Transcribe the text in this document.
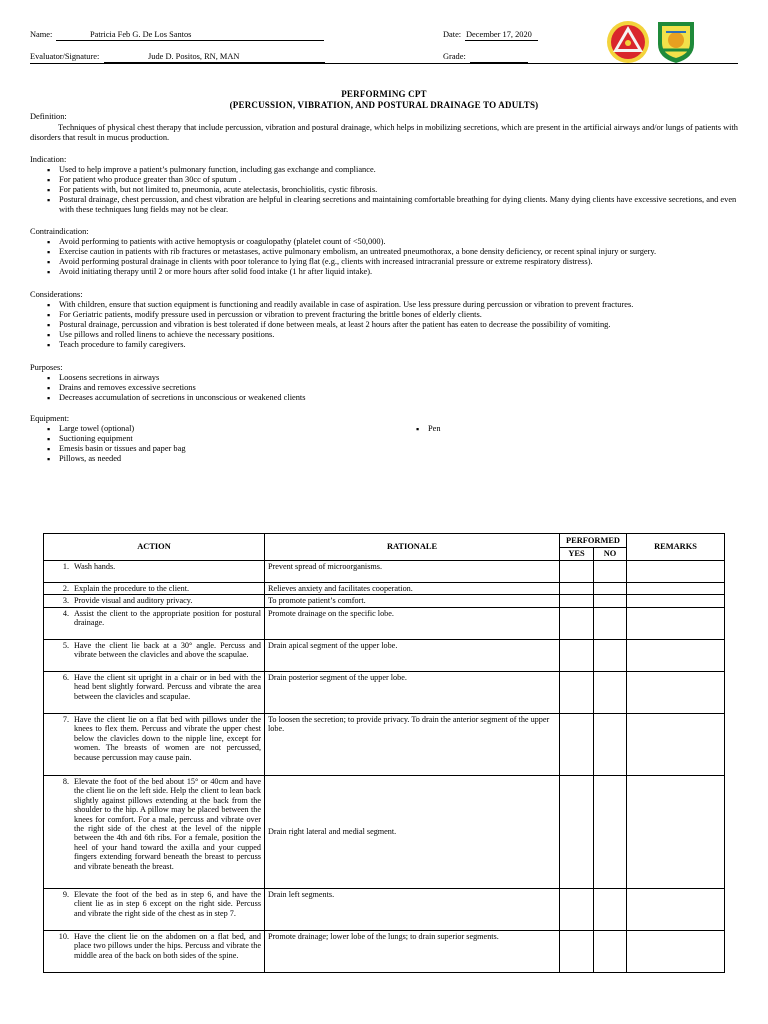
Name:	Patricia Feb G. De Los Santos	Date: December 17, 2020
Evaluator/Signature:	Jude D. Positos, RN, MAN	Grade:
PERFORMING CPT
(PERCUSSION, VIBRATION, AND POSTURAL DRAINAGE TO ADULTS)
Definition:
Techniques of physical chest therapy that include percussion, vibration and postural drainage, which helps in mobilizing secretions, which are present in the artificial airways and/or lungs of patients with disorders that result in mucus production.
Indication:
▪ Used to help improve a patient’s pulmonary function, including gas exchange and compliance.
▪ For patient who produce greater than 30cc of sputum .
▪ For patients with, but not limited to, pneumonia, acute atelectasis, bronchiolitis, cystic fibrosis.
▪ Postural drainage, chest percussion, and chest vibration are helpful in clearing secretions and maintaining comfortable breathing for dying clients. Many dying clients have excessive secretions, and even with these techniques lung fields may not be clear.
Contraindication:
▪ Avoid performing to patients with active hemoptysis or coagulopathy (platelet count of <50,000).
▪ Exercise caution in patients with rib fractures or metastases, active pulmonary embolism, an untreated pneumothorax, a bone density deficiency, or recent spinal injury or surgery.
▪ Avoid performing postural drainage in clients with poor tolerance to lying flat (e.g., clients with increased intracranial pressure or extreme respiratory distress).
▪ Avoid initiating therapy until 2 or more hours after solid food intake (1 hr after liquid intake).
Considerations:
▪ With children, ensure that suction equipment is functioning and readily available in case of aspiration. Use less pressure during percussion or vibration to prevent fractures.
▪ For Geriatric patients, modify pressure used in percussion or vibration to prevent fracturing the brittle bones of elderly clients.
▪ Postural drainage, percussion and vibration is best tolerated if done between meals, at least 2 hours after the patient has eaten to decrease the possibility of vomiting.
▪ Use pillows and rolled linens to achieve the necessary positions.
▪ Teach procedure to family caregivers.
Purposes:
▪ Loosens secretions in airways
▪ Drains and removes excessive secretions
▪ Decreases accumulation of secretions in unconscious or weakened clients
Equipment:
▪ Large towel (optional)
▪ Suctioning equipment
▪ Emesis basin or tissues and paper bag
▪ Pillows, as needed
▪ Pen
ACTION	RATIONALE	PERFORMED		REMARKS
		YES	NO	

1. Wash hands.	Prevent spread of microorganisms.			

2. Explain the procedure to the client.	Relieves anxiety and facilitates cooperation.			

3. Provide visual and auditory privacy.	To promote patient’s comfort.			

4. Assist the client to the appropriate position for postural drainage.	Promote drainage on the specific lobe.			

5. Have the client lie back at a 30° angle. Percuss and vibrate between the clavicles and above the scapulae.	Drain apical segment of the upper lobe.			

6. Have the client sit upright in a chair or in bed with the head bent slightly forward. Percuss and vibrate the area between the clavicles and scapulae.	Drain posterior segment of the upper lobe.			

7. Have the client lie on a flat bed with pillows under the knees to flex them. Percuss and vibrate the upper chest below the clavicles down to the nipple line, except for women. The breasts of women are not percussed, because percussion may cause pain.	To loosen the secretion; to provide privacy. To drain the anterior segment of the upper lobe.			

8. Elevate the foot of the bed about 15° or 40cm and have the client lie on the left side. Help the client to lean back slightly against pillows extending at the back from the shoulder to the hip. A pillow may be placed between the knees for comfort. For a male, percuss and vibrate over the right side of the chest at the level of the nipple between the 4th and 6th ribs. For a female, position the heel of your hand toward the axilla and your cupped fingers extending forward beneath the breast to percuss and vibrate beneath the breast.	Drain right lateral and medial segment.			

9. Elevate the foot of the bed as in step 6, and have the client lie as in step 6 except on the right side. Percuss and vibrate the right side of the chest as in step 7.	Drain left segments.			

10. Have the client lie on the abdomen on a flat bed, and place two pillows under the hips. Percuss and vibrate the middle area of the back on both sides of the spine.	Promote drainage; lower lobe of the lungs; to drain superior segments.			
